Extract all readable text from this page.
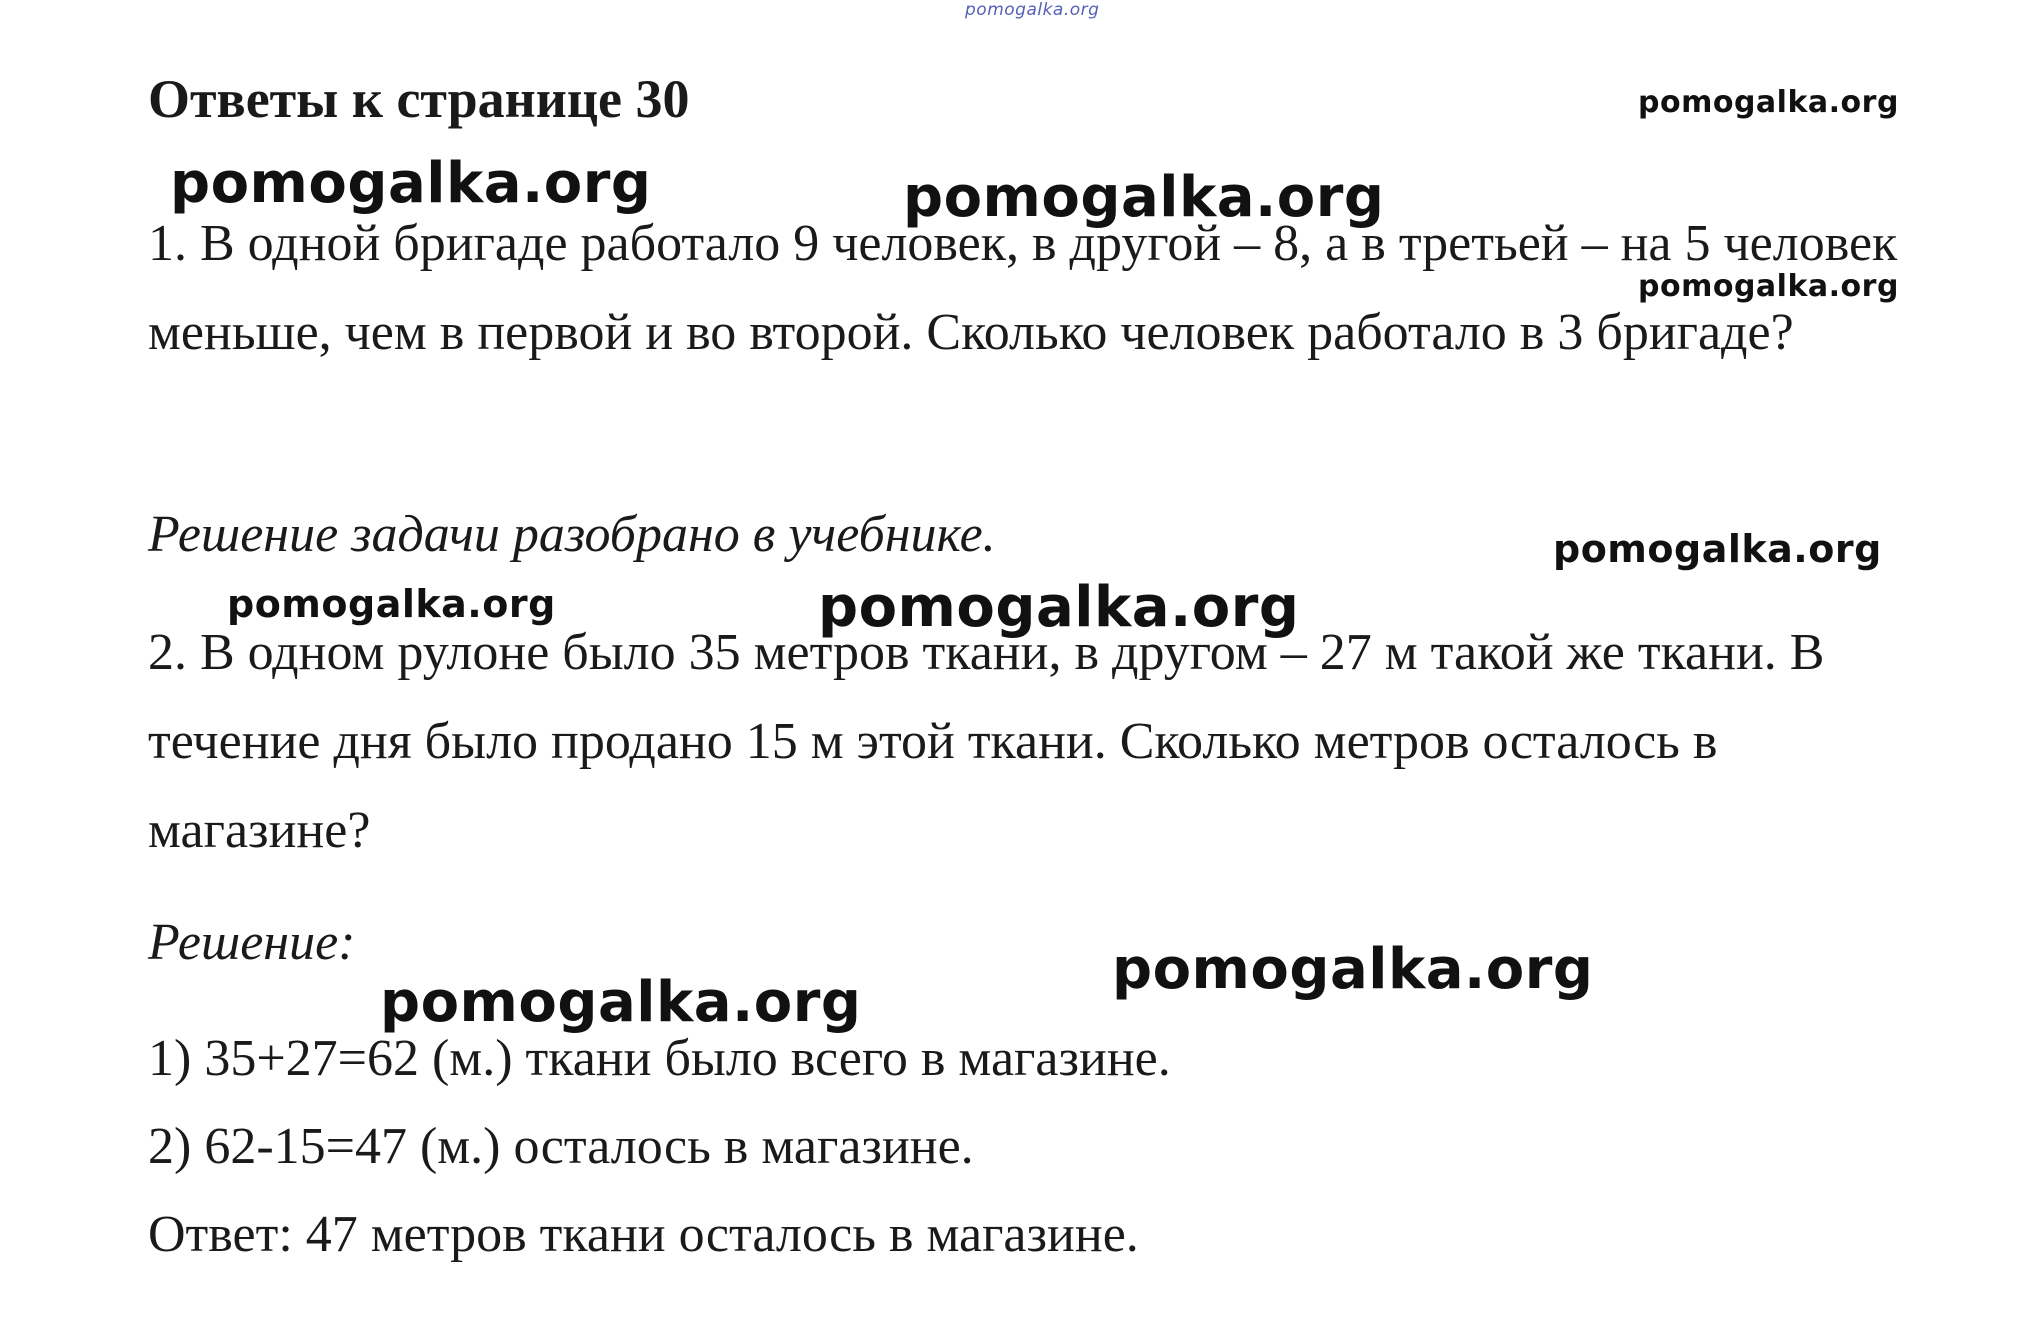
pomogalka.org
Ответы к странице 30
1. В одной бригаде работало 9 человек, в другой – 8, а в третьей – на 5 человек меньше, чем в первой и во второй. Сколько человек работало в 3 бригаде?
Решение задачи разобрано в учебнике.
2. В одном рулоне было 35 метров ткани, в другом – 27 м такой же ткани. В течение дня было продано 15 м этой ткани. Сколько метров осталось в магазине?
Решение:
1) 35+27=62 (м.) ткани было всего в магазине.
2) 62-15=47 (м.) осталось в магазине.
Ответ: 47 метров ткани осталось в магазине.
pomogalka.org
pomogalka.org	pomogalka.org
pomogalka.org
pomogalka.org
pomogalka.org	pomogalka.org
pomogalka.org
pomogalka.org
